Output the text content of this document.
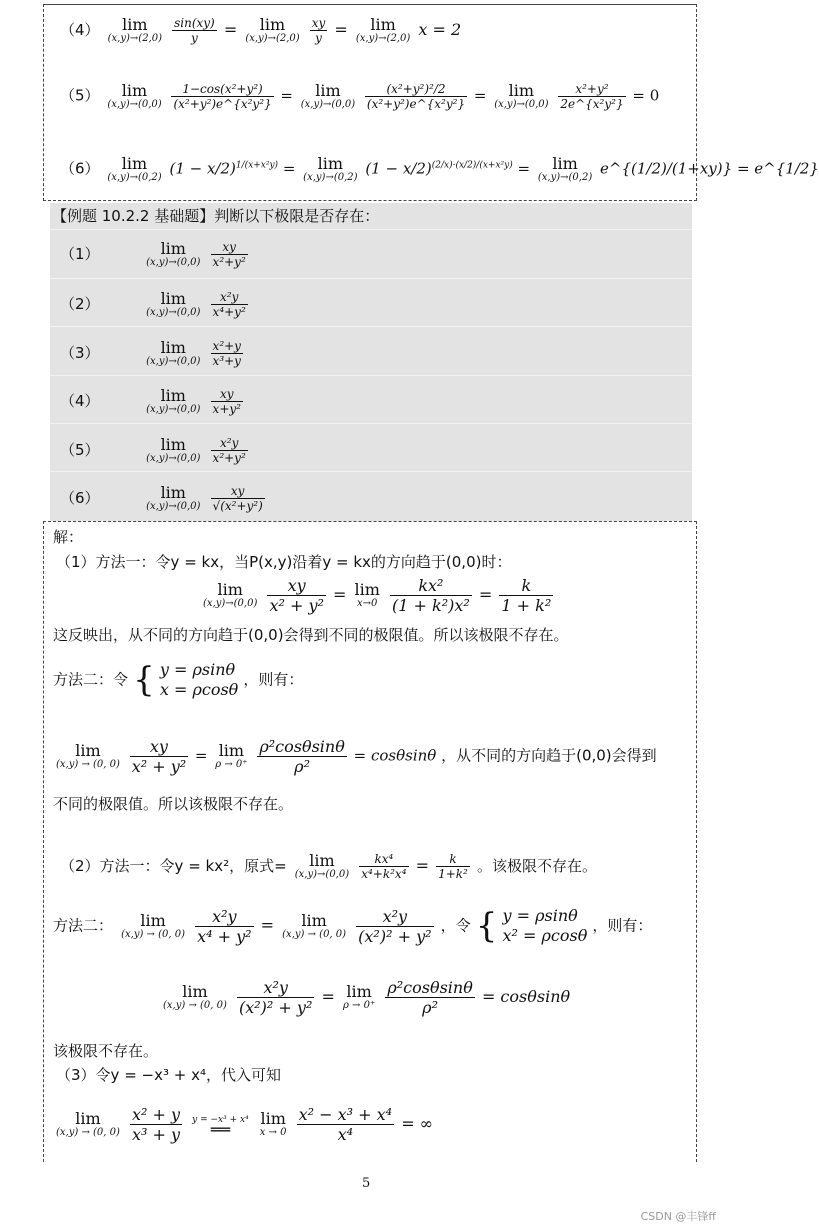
（4）	lim
(x,y)→(2,0)
$\frac{\sin(xy)}{y}$ =	lim
(x,y)→(2,0)
$\frac{xy}{y}$ =	lim
(x,y)→(2,0) x = 2
（5）	lim
(x,y)→(0,0)
$\frac{\text{1−cos(x²+y²)}}{\text{(x²+y²)e\textasciicircum{}\{x²y²\}}}$ =	lim
(x,y)→(0,0)
$\frac{\text{(x²+y²)²/2}}{\text{(x²+y²)e\textasciicircum{}\{x²y²\}}}$ =	lim
(x,y)→(0,0)
$\frac{\text{x²+y²}}{\text{2e\textasciicircum{}\{x²y²\}}} = 0$
（6）	lim
(x,y)→(0,2) $(1 - x/2)^{1/(x+x^2y)}$ =	lim
(x,y)→(0,2) $(1 - x/2)^{(2/x)\cdot(x/2)/(x+x^2y)}$ =	lim
(x,y)→(0,2) e^{(1/2)/(1+xy)} = e^{1/2}
【例题 10.2.2 基础题】判断以下极限是否存在：
（1）	lim
(x,y)→(0,0)
$\frac{xy}{\text{x²+y²}}$
（2）	lim
(x,y)→(0,0)
$\frac{\text{x²y}}{\text{x⁴+y²}}$
（3）	lim
(x,y)→(0,0)
$\frac{\text{x²+y}}{\text{x³+y}}$
（4）	lim
(x,y)→(0,0)
$\frac{xy}{\text{x+y²}}$
（5）	lim
(x,y)→(0,0)
$\frac{\text{x²y}}{\text{x²+y²}}$
（6）	lim
(x,y)→(0,0)
$\frac{xy}{\text{√(x²+y²)}}$
解：
（1）方法一：令y = kx，当P(x,y)沿着y = kx的方向趋于(0,0)时：
lim
(x,y)→(0,0)
$\frac{xy}{\text{x² + y²}} = \lim$
x→0
$\frac{\text{kx²}}{\text{(1 + k²)x²}} = \frac{k}{\text{1 + k²}}$
这反映出，从不同的方向趋于(0,0)会得到不同的极限值。所以该极限不存在。
方法二：令 { y = ρsinθ
x = ρcosθ
，则有：
lim
(x,y) → (0, 0)
$\frac{xy}{\text{x² + y²}} = \lim$
ρ → 0⁺
$\frac{\text{ρ²cosθsinθ}}{\text{ρ²}} = \cos\theta\sin\theta$ ，从不同的方向趋于(0,0)会得到
不同的极限值。所以该极限不存在。
（2）方法一：令y = kx²，原式=	lim
(x,y)→(0,0)
$\frac{\text{kx⁴}}{\text{x⁴+k²x⁴}} = \frac{k}{\text{1+k²}}$ 。该极限不存在。
方法二：	lim
(x,y) → (0, 0)
$\frac{\text{x²y}}{\text{x⁴ + y²}}$ =	lim
(x,y) → (0, 0)
$\frac{\text{x²y}}{\text{(x²)² + y²}}$ ，令 { y = ρsinθ
x² = ρcosθ
，则有：
lim
(x,y) → (0, 0)
$\frac{\text{x²y}}{\text{(x²)² + y²}} = \lim$
ρ → 0⁺
$\frac{\text{ρ²cosθsinθ}}{\text{ρ²}} = \cos\theta\sin\theta$
该极限不存在。
（3）令y = −x³ + x⁴，代入可知
lim
(x,y) → (0, 0)
$\frac{\text{x² + y}}{\text{x³ + y}}$
y = −x³ + x⁴
══

lim
x → 0
$\frac{\text{x² − x³ + x⁴}}{\text{x⁴}}$ = ∞
5
CSDN @丰锋ff
